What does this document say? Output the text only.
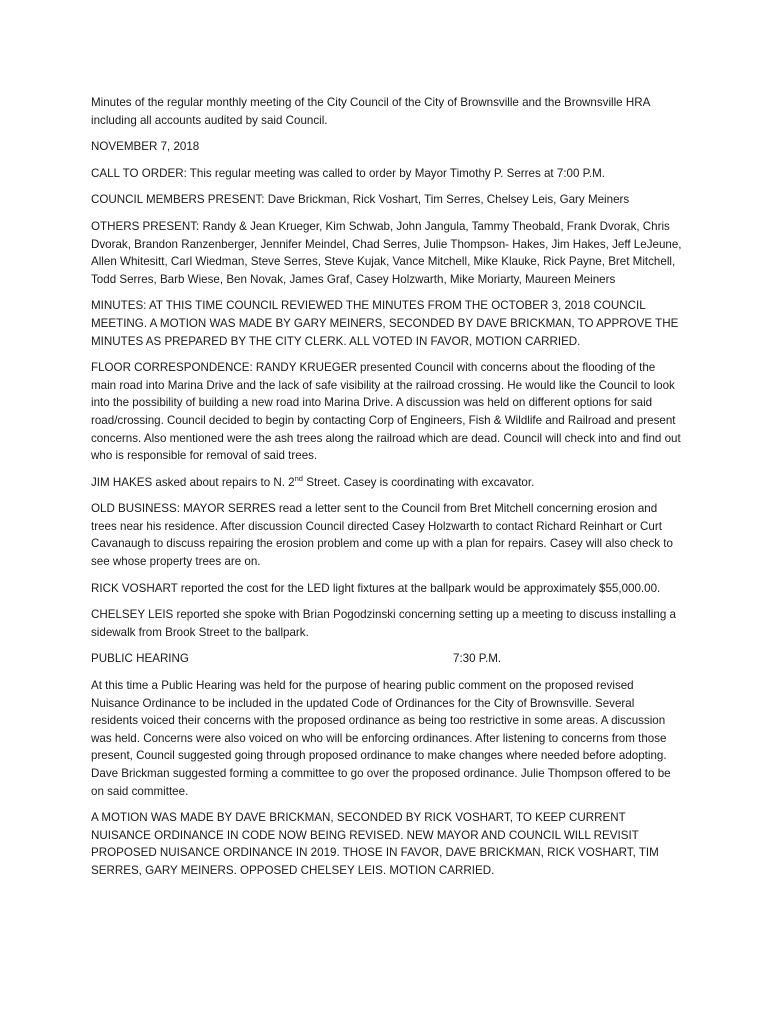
Minutes of the regular monthly meeting of the City Council of the City of Brownsville and the Brownsville HRA including all accounts audited by said Council.

NOVEMBER 7, 2018

CALL TO ORDER: This regular meeting was called to order by Mayor Timothy P. Serres at 7:00 P.M.

COUNCIL MEMBERS PRESENT: Dave Brickman, Rick Voshart, Tim Serres, Chelsey Leis, Gary Meiners

OTHERS PRESENT: Randy & Jean Krueger, Kim Schwab, John Jangula, Tammy Theobald, Frank Dvorak, Chris Dvorak, Brandon Ranzenberger, Jennifer Meindel, Chad Serres, Julie Thompson- Hakes, Jim Hakes, Jeff LeJeune, Allen Whitesitt, Carl Wiedman, Steve Serres, Steve Kujak, Vance Mitchell, Mike Klauke, Rick Payne, Bret Mitchell, Todd Serres, Barb Wiese, Ben Novak, James Graf, Casey Holzwarth, Mike Moriarty, Maureen Meiners

MINUTES: AT THIS TIME COUNCIL REVIEWED THE MINUTES FROM THE OCTOBER 3, 2018 COUNCIL MEETING. A MOTION WAS MADE BY GARY MEINERS, SECONDED BY DAVE BRICKMAN, TO APPROVE THE MINUTES AS PREPARED BY THE CITY CLERK. ALL VOTED IN FAVOR, MOTION CARRIED.

FLOOR CORRESPONDENCE: RANDY KRUEGER presented Council with concerns about the flooding of the main road into Marina Drive and the lack of safe visibility at the railroad crossing. He would like the Council to look into the possibility of building a new road into Marina Drive. A discussion was held on different options for said road/crossing. Council decided to begin by contacting Corp of Engineers, Fish & Wildlife and Railroad and present concerns. Also mentioned were the ash trees along the railroad which are dead. Council will check into and find out who is responsible for removal of said trees.

JIM HAKES asked about repairs to N. 2nd Street. Casey is coordinating with excavator.

OLD BUSINESS: MAYOR SERRES read a letter sent to the Council from Bret Mitchell concerning erosion and trees near his residence. After discussion Council directed Casey Holzwarth to contact Richard Reinhart or Curt Cavanaugh to discuss repairing the erosion problem and come up with a plan for repairs. Casey will also check to see whose property trees are on.

RICK VOSHART reported the cost for the LED light fixtures at the ballpark would be approximately $55,000.00.

CHELSEY LEIS reported she spoke with Brian Pogodzinski concerning setting up a meeting to discuss installing a sidewalk from Brook Street to the ballpark.

PUBLIC HEARING	7:30 P.M.

At this time a Public Hearing was held for the purpose of hearing public comment on the proposed revised Nuisance Ordinance to be included in the updated Code of Ordinances for the City of Brownsville. Several residents voiced their concerns with the proposed ordinance as being too restrictive in some areas. A discussion was held. Concerns were also voiced on who will be enforcing ordinances. After listening to concerns from those present, Council suggested going through proposed ordinance to make changes where needed before adopting. Dave Brickman suggested forming a committee to go over the proposed ordinance. Julie Thompson offered to be on said committee.

A MOTION WAS MADE BY DAVE BRICKMAN, SECONDED BY RICK VOSHART, TO KEEP CURRENT NUISANCE ORDINANCE IN CODE NOW BEING REVISED. NEW MAYOR AND COUNCIL WILL REVISIT PROPOSED NUISANCE ORDINANCE IN 2019. THOSE IN FAVOR, DAVE BRICKMAN, RICK VOSHART, TIM SERRES, GARY MEINERS. OPPOSED CHELSEY LEIS. MOTION CARRIED.
